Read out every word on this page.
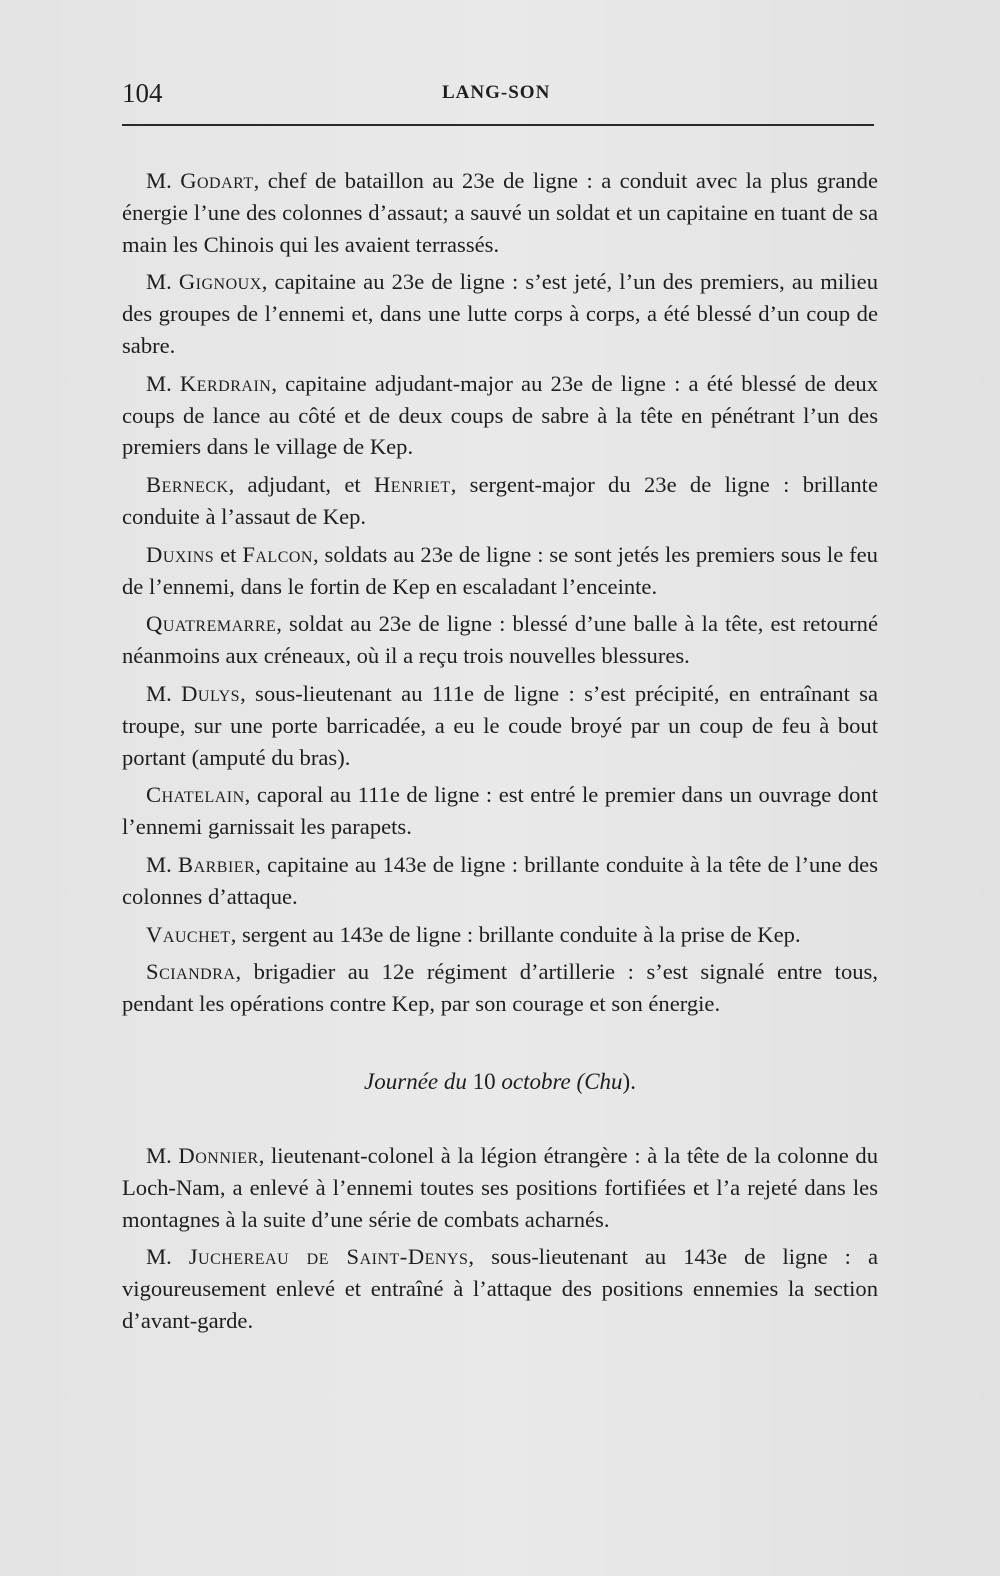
104	LANG-SON

M. Godart, chef de bataillon au 23e de ligne : a conduit avec la plus grande énergie l’une des colonnes d’assaut; a sauvé un soldat et un capitaine en tuant de sa main les Chinois qui les avaient terrassés.

M. Gignoux, capitaine au 23e de ligne : s’est jeté, l’un des premiers, au milieu des groupes de l’ennemi et, dans une lutte corps à corps, a été blessé d’un coup de sabre.

M. Kerdrain, capitaine adjudant-major au 23e de ligne : a été blessé de deux coups de lance au côté et de deux coups de sabre à la tête en pénétrant l’un des premiers dans le village de Kep.

Berneck, adjudant, et Henriet, sergent-major du 23e de ligne : brillante conduite à l’assaut de Kep.

Duxins et Falcon, soldats au 23e de ligne : se sont jetés les premiers sous le feu de l’ennemi, dans le fortin de Kep en escaladant l’enceinte.

Quatremarre, soldat au 23e de ligne : blessé d’une balle à la tête, est retourné néanmoins aux créneaux, où il a reçu trois nouvelles blessures.

M. Dulys, sous-lieutenant au 111e de ligne : s’est précipité, en entraînant sa troupe, sur une porte barricadée, a eu le coude broyé par un coup de feu à bout portant (amputé du bras).

Chatelain, caporal au 111e de ligne : est entré le premier dans un ouvrage dont l’ennemi garnissait les parapets.

M. Barbier, capitaine au 143e de ligne : brillante conduite à la tête de l’une des colonnes d’attaque.

Vauchet, sergent au 143e de ligne : brillante conduite à la prise de Kep.

Sciandra, brigadier au 12e régiment d’artillerie : s’est signalé entre tous, pendant les opérations contre Kep, par son courage et son énergie.

Journée du 10 octobre (Chu).

M. Donnier, lieutenant-colonel à la légion étrangère : à la tête de la colonne du Loch-Nam, a enlevé à l’ennemi toutes ses positions fortifiées et l’a rejeté dans les montagnes à la suite d’une série de combats acharnés.

M. Juchereau de Saint-Denys, sous-lieutenant au 143e de ligne : a vigoureusement enlevé et entraîné à l’attaque des positions ennemies la section d’avant-garde.
